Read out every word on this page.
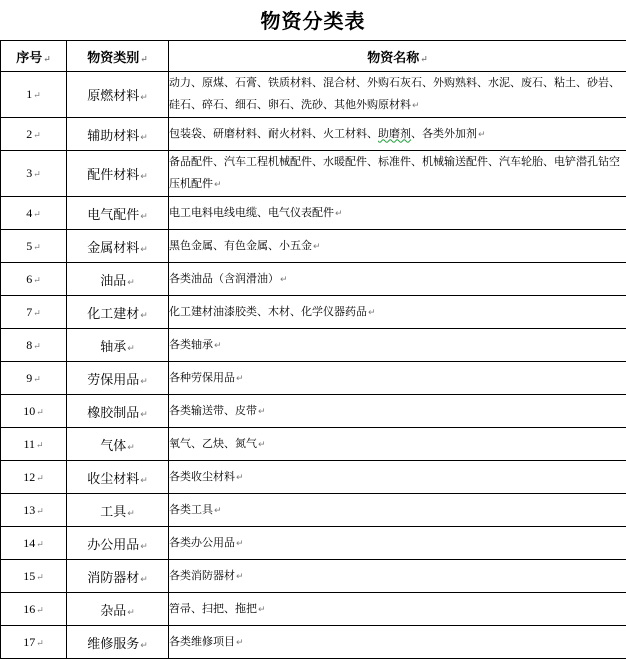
物资分类表
序号↵	物资类别↵	物资名称↵
1↵	原燃材料↵	动力、原煤、石膏、铁质材料、混合材、外购石灰石、外购熟料、水泥、废石、粘土、砂岩、硅石、碎石、细石、卵石、洗砂、其他外购原材料↵
2↵	辅助材料↵	包装袋、研磨材料、耐火材料、火工材料、助磨剂、各类外加剂↵
3↵	配件材料↵	备品配件、汽车工程机械配件、水暖配件、标准件、机械输送配件、汽车轮胎、电铲潜孔钻空压机配件↵
4↵	电气配件↵	电工电料电线电缆、电气仪表配件↵
5↵	金属材料↵	黑色金属、有色金属、小五金↵
6↵	油品↵	各类油品（含润滑油）↵
7↵	化工建材↵	化工建材油漆胶类、木材、化学仪器药品↵
8↵	轴承↵	各类轴承↵
9↵	劳保用品↵	各种劳保用品↵
10↵	橡胶制品↵	各类输送带、皮带↵
11↵	气体↵	氧气、乙炔、氮气↵
12↵	收尘材料↵	各类收尘材料↵
13↵	工具↵	各类工具↵
14↵	办公用品↵	各类办公用品↵
15↵	消防器材↵	各类消防器材↵
16↵	杂品↵	笤帚、扫把、拖把↵
17↵	维修服务↵	各类维修项目↵
